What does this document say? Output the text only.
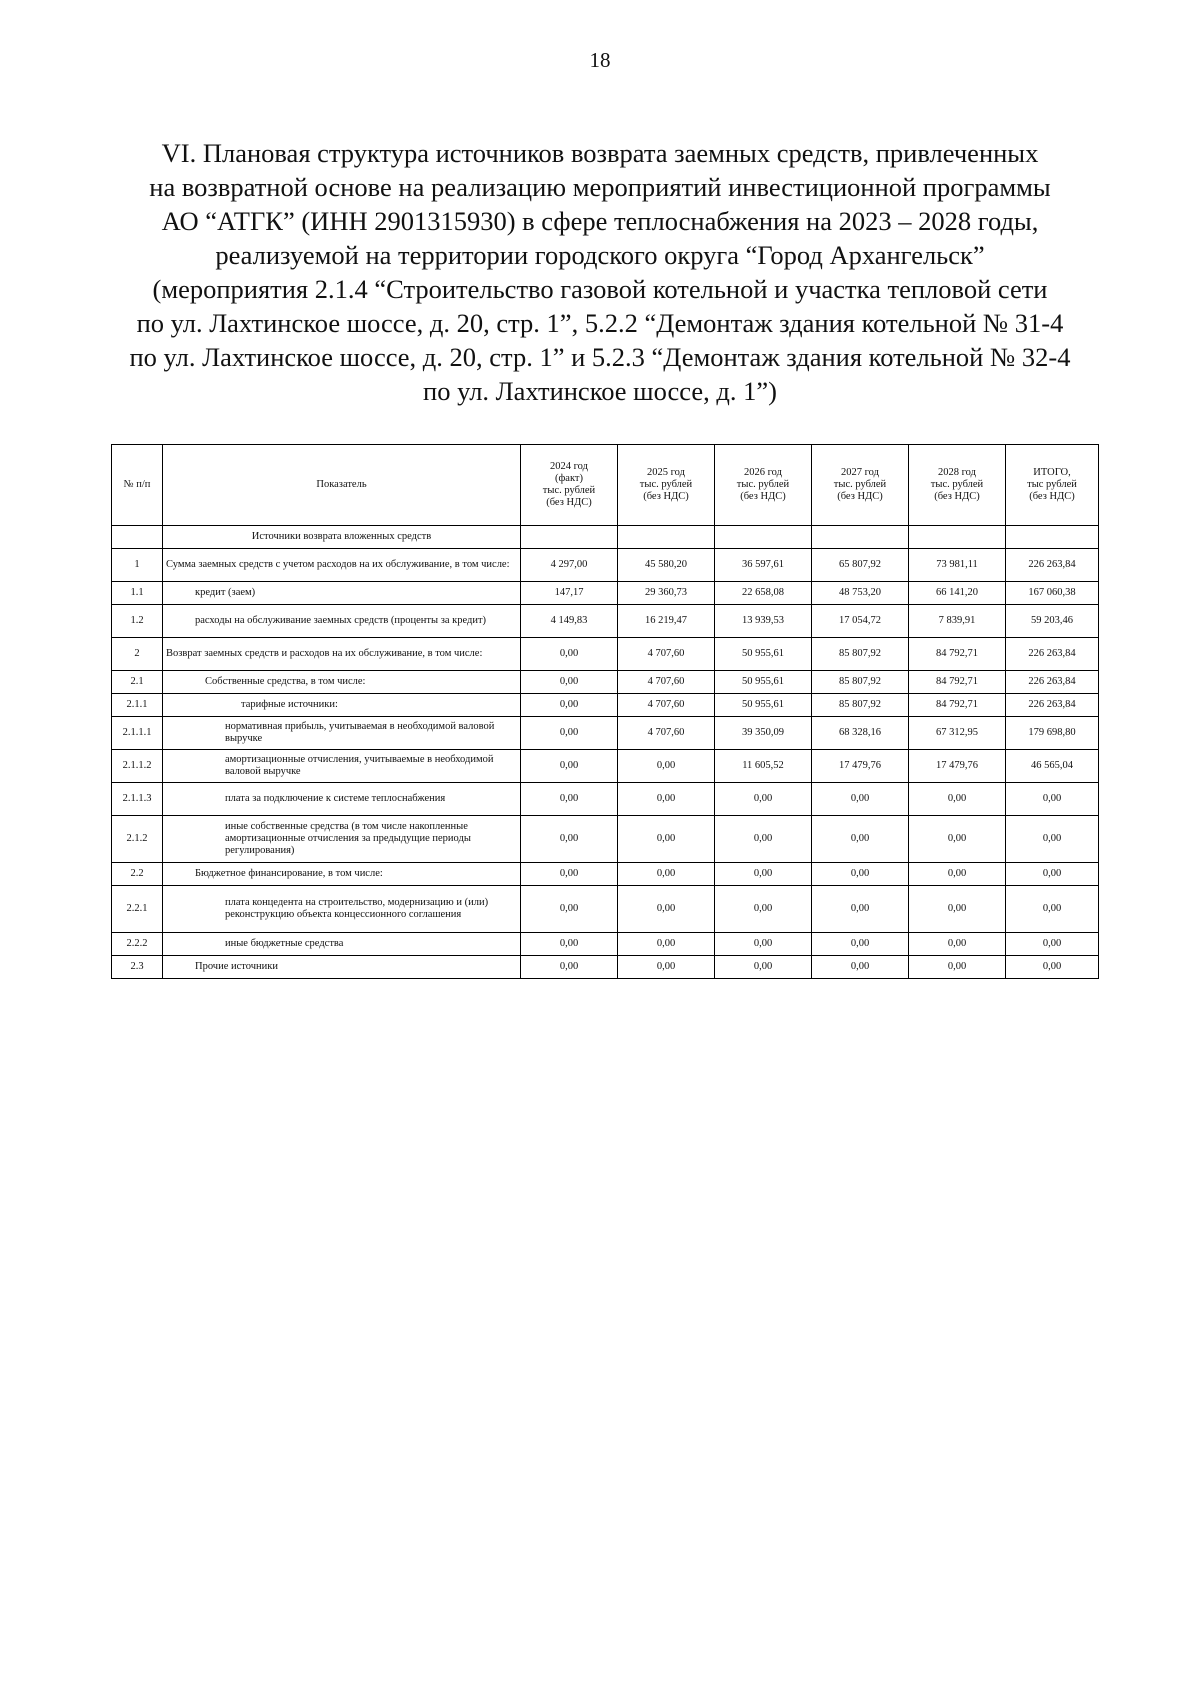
18
VI. Плановая структура источников возврата заемных средств, привлеченных
на возвратной основе на реализацию мероприятий инвестиционной программы
АО “АТГК” (ИНН 2901315930) в сфере теплоснабжения на 2023 – 2028 годы,
реализуемой на территории городского округа “Город Архангельск”
(мероприятия 2.1.4 “Строительство газовой котельной и участка тепловой сети
по ул. Лахтинское шоссе, д. 20, стр. 1”, 5.2.2 “Демонтаж здания котельной № 31-4
по ул. Лахтинское шоссе, д. 20, стр. 1” и 5.2.3 “Демонтаж здания котельной № 32-4
по ул. Лахтинское шоссе, д. 1”)
№ п/п	Показатель	2024 год
(факт)
тыс. рублей
(без НДС)	2025 год
тыс. рублей
(без НДС)	2026 год
тыс. рублей
(без НДС)	2027 год
тыс. рублей
(без НДС)	2028 год
тыс. рублей
(без НДС)	ИТОГО,
тыс рублей
(без НДС)
	Источники возврата вложенных средств						
1	Сумма заемных средств с учетом расходов на их обслуживание, в том числе:	4 297,00	45 580,20	36 597,61	65 807,92	73 981,11	226 263,84
1.1	кредит (заем)	147,17	29 360,73	22 658,08	48 753,20	66 141,20	167 060,38
1.2	расходы на обслуживание заемных средств (проценты за кредит)	4 149,83	16 219,47	13 939,53	17 054,72	7 839,91	59 203,46
2	Возврат заемных средств и расходов на их обслуживание, в том числе:	0,00	4 707,60	50 955,61	85 807,92	84 792,71	226 263,84
2.1	Собственные средства, в том числе:	0,00	4 707,60	50 955,61	85 807,92	84 792,71	226 263,84
2.1.1	тарифные источники:	0,00	4 707,60	50 955,61	85 807,92	84 792,71	226 263,84
2.1.1.1	нормативная прибыль, учитываемая в необходимой валовой выручке	0,00	4 707,60	39 350,09	68 328,16	67 312,95	179 698,80
2.1.1.2	амортизационные отчисления, учитываемые в необходимой валовой выручке	0,00	0,00	11 605,52	17 479,76	17 479,76	46 565,04
2.1.1.3	плата за подключение к системе теплоснабжения	0,00	0,00	0,00	0,00	0,00	0,00
2.1.2	иные собственные средства (в том числе накопленные амортизационные отчисления за предыдущие периоды регулирования)	0,00	0,00	0,00	0,00	0,00	0,00
2.2	Бюджетное финансирование, в том числе:	0,00	0,00	0,00	0,00	0,00	0,00
2.2.1	плата концедента на строительство, модернизацию и (или) реконструкцию объекта концессионного соглашения	0,00	0,00	0,00	0,00	0,00	0,00
2.2.2	иные бюджетные средства	0,00	0,00	0,00	0,00	0,00	0,00
2.3	Прочие источники	0,00	0,00	0,00	0,00	0,00	0,00
